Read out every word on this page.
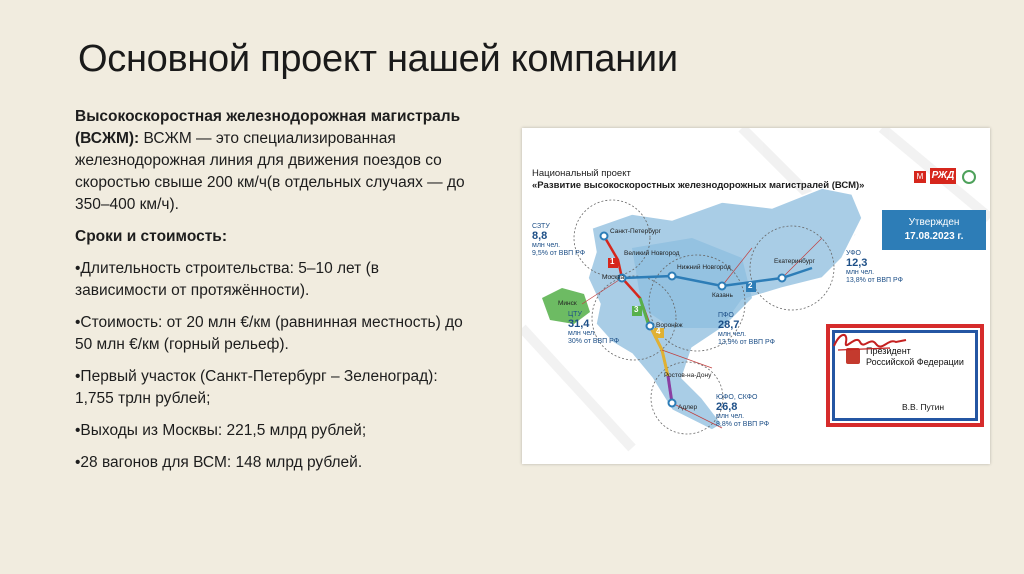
Основной проект нашей компании

Высокоскоростная железнодорожная магистраль (ВСЖМ): ВСЖМ — это специализированная железнодорожная линия для движения поездов со скоростью свыше 200 км/ч(в отдельных случаях — до 350–400 км/ч).

Сроки и стоимость:

•Длительность строительства: 5–10 лет (в зависимости от протяжённости).

•Стоимость: от 20 млн €/км (равнинная местность) до 50 млн €/км (горный рельеф).

•Первый участок (Санкт-Петербург – Зеленоград): 1,755 трлн рублей;

•Выходы из Москвы: 221,5 млрд рублей;

•28 вагонов для ВСМ: 148 млрд рублей.

Национальный проект
«Развитие высокоскоростных железнодорожных магистралей (ВСМ)»
M РЖД
Утвержден
17.08.2023 г.
1
2
3
4
СЗТУ
8,8
млн чел.
9,5% от ВВП РФ
ЦТУ
31,4
млн чел.
30% от ВВП РФ
ПФО
28,7
млн чел.
13,9% от ВВП РФ
УФО
12,3
млн чел.
13,8% от ВВП РФ
ЮФО, СКФО
26,8
млн чел.
8,8% от ВВП РФ
Санкт-Петербург
Великий Новгород
Москва
Нижний Новгород
Казань
Екатеринбург
Минск
Воронеж
Ростов-на-Дону
Адлер
Президент
Российской Федерации
В.В. Путин
